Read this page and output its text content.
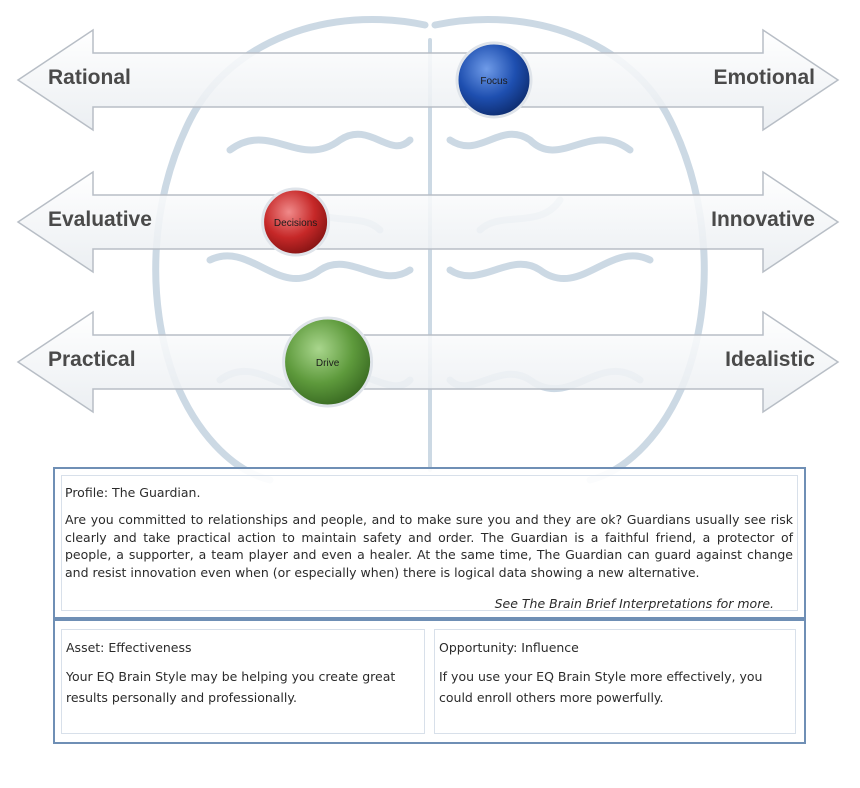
Focus
Decisions
Drive
Rational	Emotional
Evaluative	Innovative
Practical	Idealistic
Profile: The Guardian.
Are you committed to relationships and people, and to make sure you and they are ok? Guardians usually see risk clearly and take practical action to maintain safety and order. The Guardian is a faithful friend, a protector of people, a supporter, a team player and even a healer. At the same time, The Guardian can guard against change and resist innovation even when (or especially when) there is logical data showing a new alternative.
See The Brain Brief Interpretations for more.
Asset: Effectiveness
Your EQ Brain Style may be helping you create great results personally and professionally.
Opportunity: Influence
If you use your EQ Brain Style more effectively, you could enroll others more powerfully.
